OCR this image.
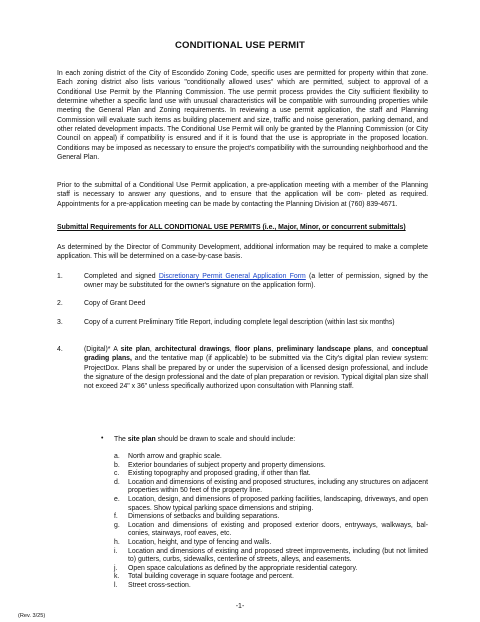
CONDITIONAL USE PERMIT

In each zoning district of the City of Escondido Zoning Code, specific uses are permitted for property within that zone. Each zoning district also lists various "conditionally allowed uses" which are permitted, subject to approval of a Conditional Use Permit by the Planning Commission. The use permit process provides the City sufficient flexibility to determine whether a specific land use with unusual characteristics will be compatible with surrounding properties while meeting the General Plan and Zoning requirements. In reviewing a use permit application, the staff and Planning Commission will evaluate such items as building placement and size, traffic and noise generation, parking demand, and other related development impacts. The Conditional Use Permit will only be granted by the Planning Commission (or City Council on appeal) if compatibility is ensured and if it is found that the use is appropriate in the proposed location. Conditions may be imposed as necessary to ensure the project's compatibility with the surrounding neighborhood and the General Plan.

Prior to the submittal of a Conditional Use Permit application, a pre-application meeting with a member of the Planning staff is necessary to answer any questions, and to ensure that the application will be com- pleted as required. Appointments for a pre-application meeting can be made by contacting the Planning Division at (760) 839-4671.

Submittal Requirements for ALL CONDITIONAL USE PERMITS (i.e., Major, Minor, or concurrent submittals)

As determined by the Director of Community Development, additional information may be required to make a complete application. This will be determined on a case-by-case basis.

1.	Completed and signed Discretionary Permit General Application Form (a letter of permission, signed by the owner may be substituted for the owner's signature on the application form).
2.	Copy of Grant Deed
3.	Copy of a current Preliminary Title Report, including complete legal description (within last six months)
4.	(Digital)* A site plan, architectural drawings, floor plans, preliminary landscape plans, and conceptual grading plans, and the tentative map (if applicable) to be submitted via the City's digital plan review system: ProjectDox. Plans shall be prepared by or under the supervision of a licensed design professional, and include the signature of the design professional and the date of plan preparation or revision. Typical digital plan size shall not exceed 24" x 36" unless specifically authorized upon consultation with Planning staff.
• The site plan should be drawn to scale and should include:
a. North arrow and graphic scale.
b. Exterior boundaries of subject property and property dimensions.
c. Existing topography and proposed grading, if other than flat.
d. Location and dimensions of existing and proposed structures, including any structures on adjacent properties within 50 feet of the property line.
e. Location, design, and dimensions of proposed parking facilities, landscaping, driveways, and open spaces. Show typical parking space dimensions and striping.
f. Dimensions of setbacks and building separations.
g. Location and dimensions of existing and proposed exterior doors, entryways, walkways, bal- conies, stairways, roof eaves, etc.
h. Location, height, and type of fencing and walls.
i. Location and dimensions of existing and proposed street improvements, including (but not limited to) gutters, curbs, sidewalks, centerline of streets, alleys, and easements.
j. Open space calculations as defined by the appropriate residential category.
k. Total building coverage in square footage and percent.
l. Street cross-section.
-1-
(Rev. 3/25)
